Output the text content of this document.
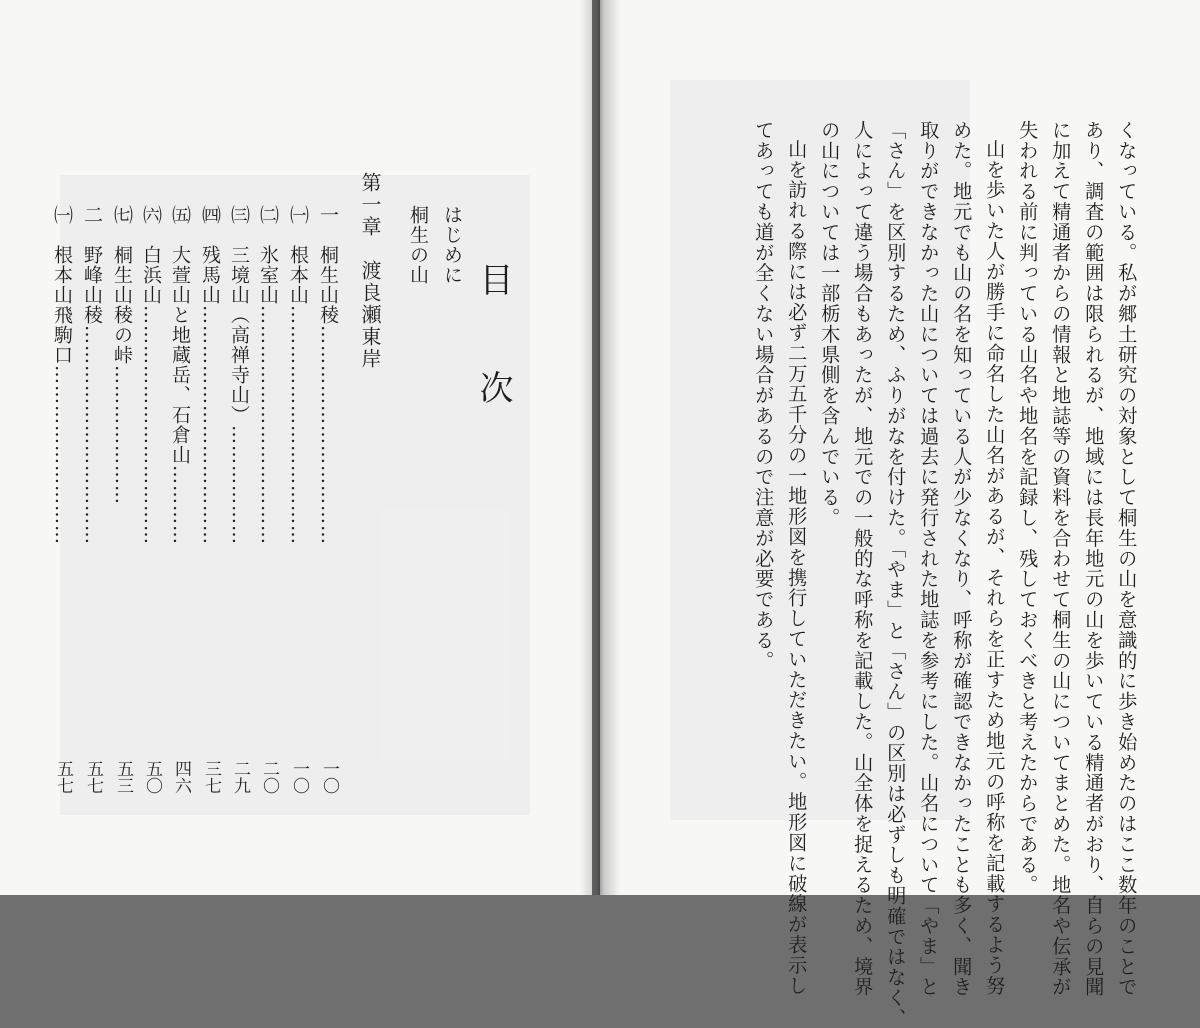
目　次
はじめに
桐生の山
第一章　渡良瀬東岸
一　桐生山稜……………………………
一〇
㈠　根本山………………………………
一〇
㈡　氷室山………………………………
二〇
㈢　三境山（高禅寺山）………………
二九
㈣　残馬山………………………………
三七
㈤　大萱山と地蔵岳、石倉山…………
四六
㈥　白浜山………………………………
五〇
㈦　桐生山稜の峠…………………
五三
二　野峰山稜……………………………
五七
㈠　根本山飛駒口………………………
五七	くなっている。私が郷土研究の対象として桐生の山を意識的に歩き始めたのはここ数年のことで
あり、調査の範囲は限られるが、地域には長年地元の山を歩いている精通者がおり、自らの見聞
に加えて精通者からの情報と地誌等の資料を合わせて桐生の山についてまとめた。地名や伝承が
失われる前に判っている山名や地名を記録し、残しておくべきと考えたからである。
山を歩いた人が勝手に命名した山名があるが、それらを正すため地元の呼称を記載するよう努
めた。地元でも山の名を知っている人が少なくなり、呼称が確認できなかったことも多く、聞き
取りができなかった山については過去に発行された地誌を参考にした。山名について「やま」と
「さん」を区別するため、ふりがなを付けた。「やま」と「さん」の区別は必ずしも明確ではなく、
人によって違う場合もあったが、地元での一般的な呼称を記載した。山全体を捉えるため、境界
の山については一部栃木県側を含んでいる。
山を訪れる際には必ず二万五千分の一地形図を携行していただきたい。地形図に破線が表示し
てあっても道が全くない場合があるので注意が必要である。
